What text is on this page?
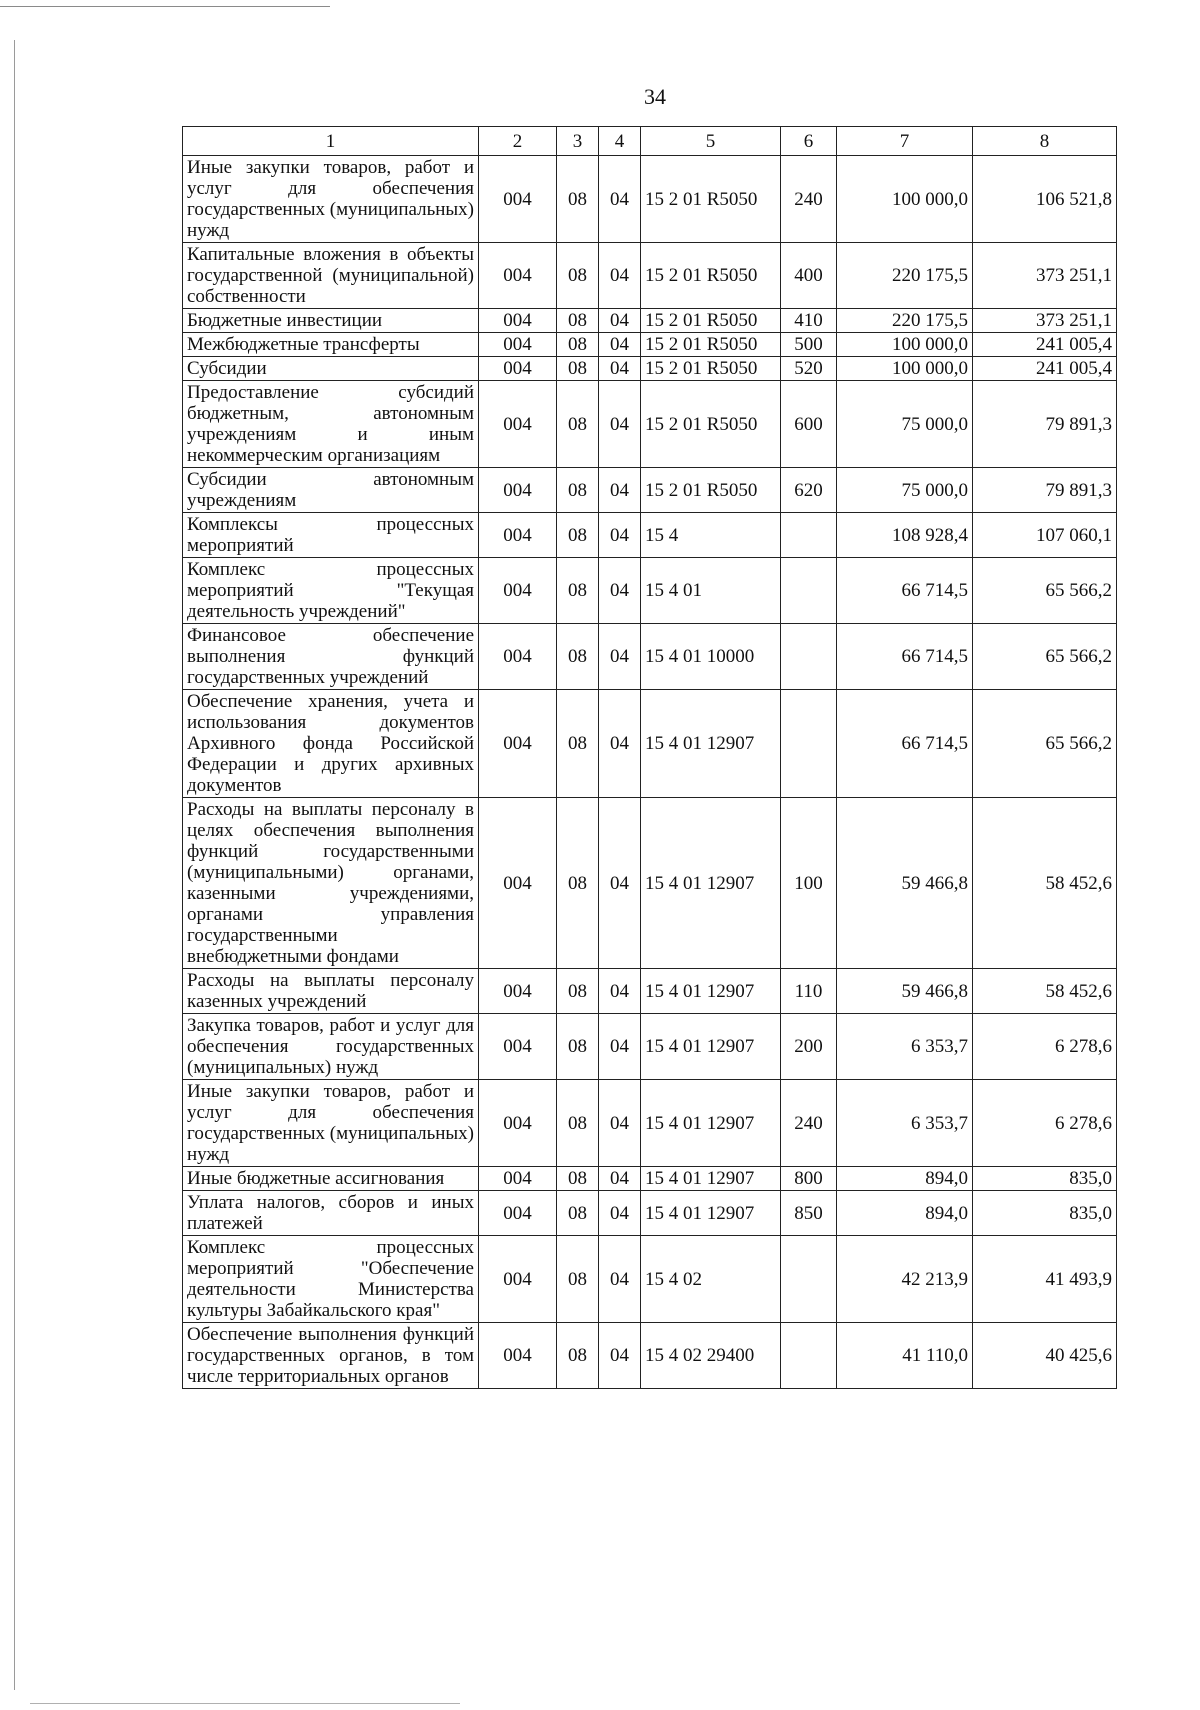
34
1	2	3	4	5	6	7	8
Иные закупки товаров, работ и услуг для обеспечения государственных (муниципальных) нужд	004	08	04	15 2 01 R5050	240	100 000,0	106 521,8
Капитальные вложения в объекты государственной (муниципальной) собственности	004	08	04	15 2 01 R5050	400	220 175,5	373 251,1
Бюджетные инвестиции	004	08	04	15 2 01 R5050	410	220 175,5	373 251,1
Межбюджетные трансферты	004	08	04	15 2 01 R5050	500	100 000,0	241 005,4
Субсидии	004	08	04	15 2 01 R5050	520	100 000,0	241 005,4
Предоставление субсидий бюджетным, автономным учреждениям и иным некоммерческим организациям	004	08	04	15 2 01 R5050	600	75 000,0	79 891,3
Субсидии автономным учреждениям	004	08	04	15 2 01 R5050	620	75 000,0	79 891,3
Комплексы процессных мероприятий	004	08	04	15 4		108 928,4	107 060,1
Комплекс процессных мероприятий "Текущая деятельность учреждений"	004	08	04	15 4 01		66 714,5	65 566,2
Финансовое обеспечение выполнения функций государственных учреждений	004	08	04	15 4 01 10000		66 714,5	65 566,2
Обеспечение хранения, учета и использования документов Архивного фонда Российской Федерации и других архивных документов	004	08	04	15 4 01 12907		66 714,5	65 566,2
Расходы на выплаты персоналу в целях обеспечения выполнения функций государственными (муниципальными) органами, казенными учреждениями, органами управления государственными внебюджетными фондами	004	08	04	15 4 01 12907	100	59 466,8	58 452,6
Расходы на выплаты персоналу казенных учреждений	004	08	04	15 4 01 12907	110	59 466,8	58 452,6
Закупка товаров, работ и услуг для обеспечения государственных (муниципальных) нужд	004	08	04	15 4 01 12907	200	6 353,7	6 278,6
Иные закупки товаров, работ и услуг для обеспечения государственных (муниципальных) нужд	004	08	04	15 4 01 12907	240	6 353,7	6 278,6
Иные бюджетные ассигнования	004	08	04	15 4 01 12907	800	894,0	835,0
Уплата налогов, сборов и иных платежей	004	08	04	15 4 01 12907	850	894,0	835,0
Комплекс процессных мероприятий "Обеспечение деятельности Министерства культуры Забайкальского края"	004	08	04	15 4 02		42 213,9	41 493,9
Обеспечение выполнения функций государственных органов, в том числе территориальных органов	004	08	04	15 4 02 29400		41 110,0	40 425,6
